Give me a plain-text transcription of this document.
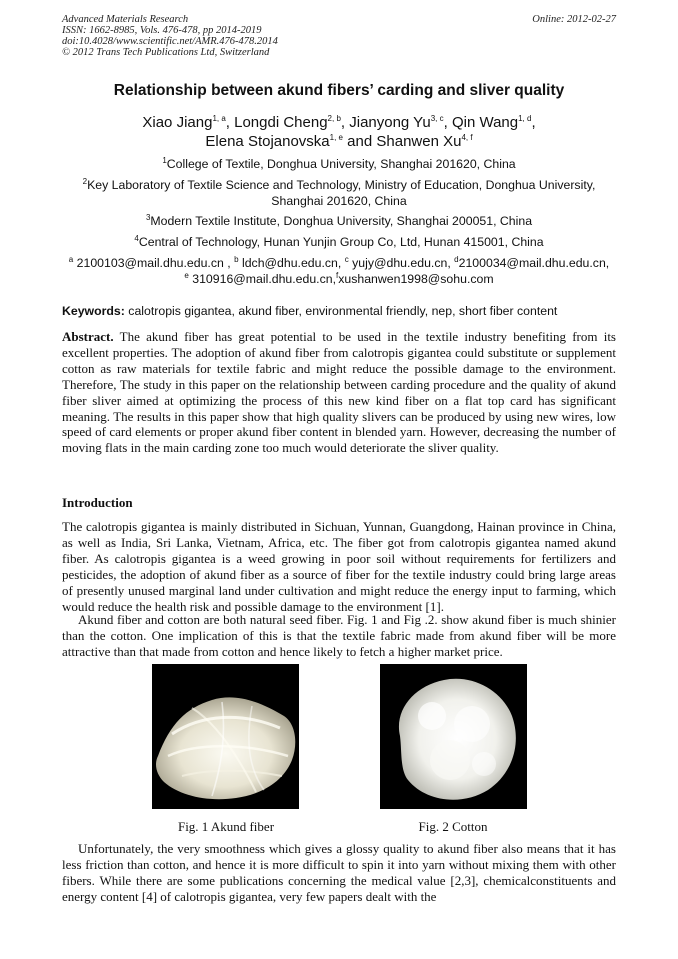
Advanced Materials Research
ISSN: 1662-8985, Vols. 476-478, pp 2014-2019
doi:10.4028/www.scientific.net/AMR.476-478.2014
© 2012 Trans Tech Publications Ltd, Switzerland
Online: 2012-02-27
Relationship between akund fibers’ carding and sliver quality
Xiao Jiang$^{1, a}$, Longdi Cheng$^{2, b}$, Jianyong Yu$^{3, c}$, Qin Wang$^{1, d}$,
Elena Stojanovska$^{1, e}$ and Shanwen Xu$^{4, f}$
$^1$College of Textile, Donghua University, Shanghai 201620, China
$^2$Key Laboratory of Textile Science and Technology, Ministry of Education, Donghua University, Shanghai 201620, China
$^3$Modern Textile Institute, Donghua University, Shanghai 200051, China
$^4$Central of Technology, Hunan Yunjin Group Co, Ltd, Hunan 415001, China
$^a$ 2100103@mail.dhu.edu.cn , $^b$ ldch@dhu.edu.cn, $^c$ yujy@dhu.edu.cn, $^d$2100034@mail.dhu.edu.cn,
$^e$ 310916@mail.dhu.edu.cn,$^f$xushanwen1998@sohu.com
Keywords: calotropis gigantea, akund fiber, environmental friendly, nep, short fiber content
Abstract. The akund fiber has great potential to be used in the textile industry benefiting from its excellent properties. The adoption of akund fiber from calotropis gigantea could substitute or supplement cotton as raw materials for textile fabric and might reduce the possible damage to the environment. Therefore, The study in this paper on the relationship between carding procedure and the quality of akund fiber sliver aimed at optimizing the process of this new kind fiber on a flat top card has significant meaning. The results in this paper show that high quality slivers can be produced by using new wires, low speed of card elements or proper akund fiber content in blended yarn. However, decreasing the number of moving flats in the main carding zone too much would deteriorate the sliver quality.
Introduction
The calotropis gigantea is mainly distributed in Sichuan, Yunnan, Guangdong, Hainan province in China, as well as India, Sri Lanka, Vietnam, Africa, etc. The fiber got from calotropis gigantea named akund fiber. As calotropis gigantea is a weed growing in poor soil without requirements for fertilizers and pesticides, the adoption of akund fiber as a source of fiber for the textile industry could bring large areas of presently unused marginal land under cultivation and might reduce the energy input to farming, which would reduce the health risk and possible damage to the environment [1].
Akund fiber and cotton are both natural seed fiber. Fig. 1 and Fig .2. show akund fiber is much shinier than the cotton. One implication of this is that the textile fabric made from akund fiber will be more attractive than that made from cotton and hence likely to fetch a higher market price.
Fig. 1 Akund fiber	Fig. 2 Cotton
Unfortunately, the very smoothness which gives a glossy quality to akund fiber also means that it has less friction than cotton, and hence it is more difficult to spin it into yarn without mixing them with other fibers. While there are some publications concerning the medical value [2,3], chemicalconstituents and energy content [4] of calotropis gigantea, very few papers dealt with the
